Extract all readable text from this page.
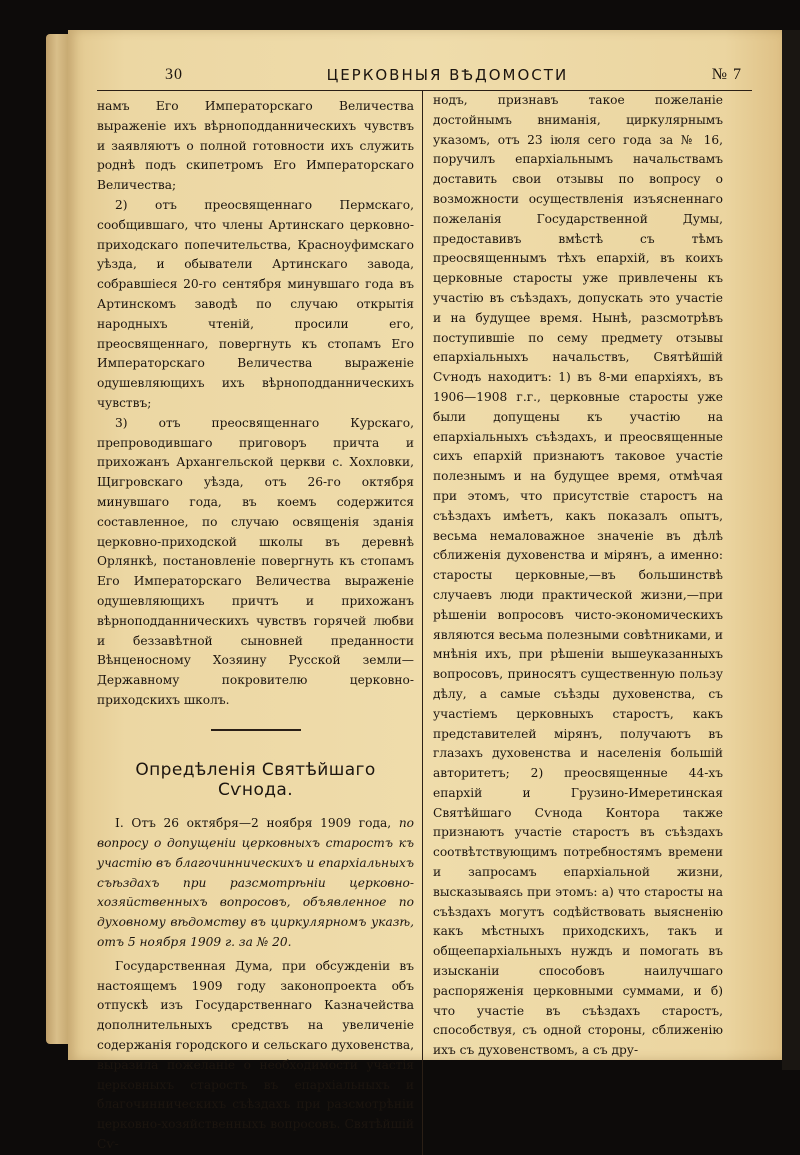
30	ЦЕРКОВНЫЯ ВѢДОМОСТИ	№ 7

намъ Его Императорскаго Величества выраженіе ихъ вѣрноподданническихъ чувствъ и заявляютъ о полной готовности ихъ служить роднѣ подъ скипетромъ Его Императорскаго Величества;

2) отъ преосвященнаго Пермскаго, сообщившаго, что члены Артинскаго церковно-приходскаго попечительства, Красноуфимскаго уѣзда, и обыватели Артинскаго завода, собравшіеся 20-го сентября минувшаго года въ Артинскомъ заводѣ по случаю открытія народныхъ чтеній, просили его, преосвященнаго, повергнуть къ стопамъ Его Императорскаго Величества выраженіе одушевляющихъ ихъ вѣрноподданническихъ чувствъ;

3) отъ преосвященнаго Курскаго, препроводившаго приговоръ причта и прихожанъ Архангельской церкви с. Хохловки, Щигровскаго уѣзда, отъ 26-го октября минувшаго года, въ коемъ содержится составленное, по случаю освященія зданія церковно-приходской школы въ деревнѣ Орлянкѣ, постановленіе повергнуть къ стопамъ Его Императорскаго Величества выраженіе одушевляющихъ причтъ и прихожанъ вѣрноподданническихъ чувствъ горячей любви и беззавѣтной сыновней преданности Вѣнценосному Хозяину Русской земли—Державному покровителю церковно-приходскихъ школъ.

Опредѣленія Святѣйшаго Сѵнода.

I. Отъ 26 октября—2 ноября 1909 года, по вопросу о допущеніи церковныхъ старостъ къ участію въ благочинническихъ и епархіальныхъ съѣздахъ при разсмотрѣніи церковно-хозяйственныхъ вопросовъ, объявленное по духовному вѣдомству въ циркулярномъ указѣ, отъ 5 ноября 1909 г. за № 20.

Государственная Дума, при обсужденіи въ настоящемъ 1909 году законопроекта объ отпускѣ изъ Государственнаго Казначейства дополнительныхъ средствъ на увеличеніе содержанія городского и сельскаго духовенства, выразила пожеланіе о необходимости участія церковныхъ старостъ въ епархіальныхъ и благочинническихъ съѣздахъ при разсмотрѣніи церковно-хозяйственныхъ вопросовъ. Святѣйшій Сѵ-

нодъ, признавъ такое пожеланіе достойнымъ вниманія, циркулярнымъ указомъ, отъ 23 іюля сего года за № 16, поручилъ епархіальнымъ начальствамъ доставить свои отзывы по вопросу о возможности осуществленія изъясненнаго пожеланія Государственной Думы, предоставивъ вмѣстѣ съ тѣмъ преосвященнымъ тѣхъ епархій, въ коихъ церковные старосты уже привлечены къ участію въ съѣздахъ, допускать это участіе и на будущее время. Нынѣ, разсмотрѣвъ поступившіе по сему предмету отзывы епархіальныхъ начальствъ, Святѣйшій Сѵнодъ находитъ: 1) въ 8-ми епархіяхъ, въ 1906—1908 г.г., церковные старосты уже были допущены къ участію на епархіальныхъ съѣздахъ, и преосвященные сихъ епархій признаютъ таковое участіе полезнымъ и на будущее время, отмѣчая при этомъ, что присутствіе старостъ на съѣздахъ имѣетъ, какъ показалъ опытъ, весьма немаловажное значеніе въ дѣлѣ сближенія духовенства и мірянъ, а именно: старосты церковные,—въ большинствѣ случаевъ люди практической жизни,—при рѣшеніи вопросовъ чисто-экономическихъ являются весьма полезными совѣтниками, и мнѣнія ихъ, при рѣшеніи вышеуказанныхъ вопросовъ, приносятъ существенную пользу дѣлу, а самые съѣзды духовенства, съ участіемъ церковныхъ старостъ, какъ представителей мірянъ, получаютъ въ глазахъ духовенства и населенія большій авторитетъ; 2) преосвященные 44-хъ епархій и Грузино-Имеретинская Святѣйшаго Сѵнода Контора также признаютъ участіе старостъ въ съѣздахъ соотвѣтствующимъ потребностямъ времени и запросамъ епархіальной жизни, высказываясь при этомъ: а) что старосты на съѣздахъ могутъ содѣйствовать выясненію какъ мѣстныхъ приходскихъ, такъ и общеепархіальныхъ нуждъ и помогать въ изысканіи способовъ наилучшаго распоряженія церковными суммами, и б) что участіе въ съѣздахъ старостъ, способствуя, съ одной стороны, сближенію ихъ съ духовенствомъ, а съ дру-
